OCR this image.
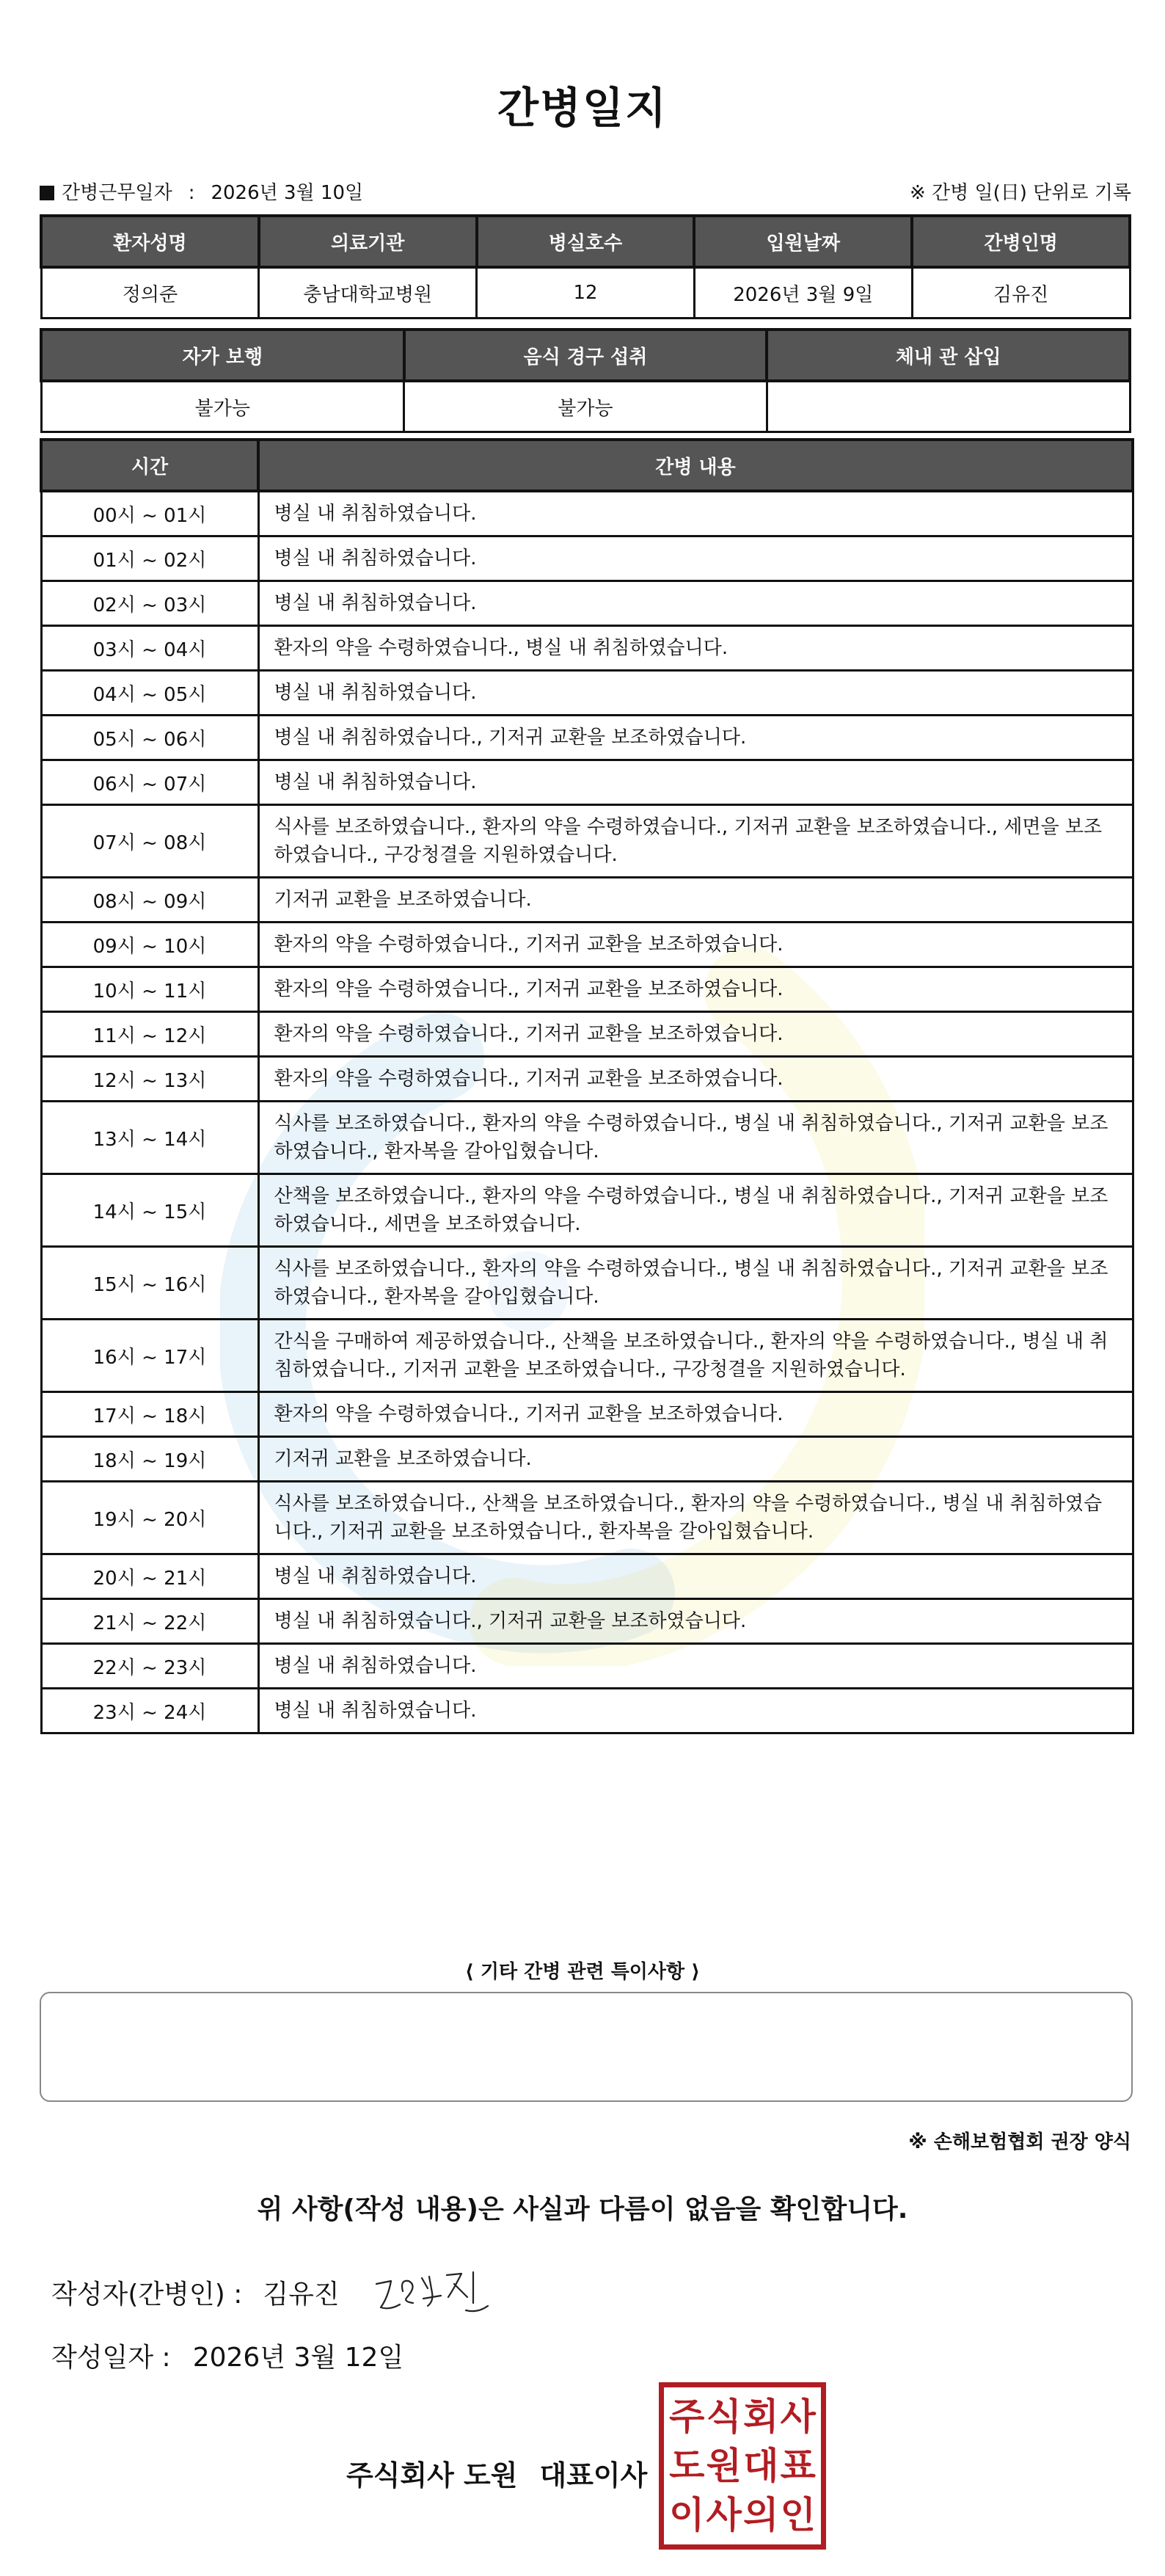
간병일지
간병근무일자 : 2026년 3월 10일	※ 간병 일(日) 단위로 기록
환자성명	의료기관	병실호수	입원날짜	간병인명
정의준	충남대학교병원	12	2026년 3월 9일	김유진
자가 보행	음식 경구 섭취	체내 관 삽입
불가능	불가능	
시간	간병 내용
00시 ~ 01시	병실 내 취침하였습니다.
01시 ~ 02시	병실 내 취침하였습니다.
02시 ~ 03시	병실 내 취침하였습니다.
03시 ~ 04시	환자의 약을 수령하였습니다., 병실 내 취침하였습니다.
04시 ~ 05시	병실 내 취침하였습니다.
05시 ~ 06시	병실 내 취침하였습니다., 기저귀 교환을 보조하였습니다.
06시 ~ 07시	병실 내 취침하였습니다.
07시 ~ 08시	식사를 보조하였습니다., 환자의 약을 수령하였습니다., 기저귀 교환을 보조하였습니다., 세면을 보조하였습니다., 구강청결을 지원하였습니다.
08시 ~ 09시	기저귀 교환을 보조하였습니다.
09시 ~ 10시	환자의 약을 수령하였습니다., 기저귀 교환을 보조하였습니다.
10시 ~ 11시	환자의 약을 수령하였습니다., 기저귀 교환을 보조하였습니다.
11시 ~ 12시	환자의 약을 수령하였습니다., 기저귀 교환을 보조하였습니다.
12시 ~ 13시	환자의 약을 수령하였습니다., 기저귀 교환을 보조하였습니다.
13시 ~ 14시	식사를 보조하였습니다., 환자의 약을 수령하였습니다., 병실 내 취침하였습니다., 기저귀 교환을 보조하였습니다., 환자복을 갈아입혔습니다.
14시 ~ 15시	산책을 보조하였습니다., 환자의 약을 수령하였습니다., 병실 내 취침하였습니다., 기저귀 교환을 보조하였습니다., 세면을 보조하였습니다.
15시 ~ 16시	식사를 보조하였습니다., 환자의 약을 수령하였습니다., 병실 내 취침하였습니다., 기저귀 교환을 보조하였습니다., 환자복을 갈아입혔습니다.
16시 ~ 17시	간식을 구매하여 제공하였습니다., 산책을 보조하였습니다., 환자의 약을 수령하였습니다., 병실 내 취침하였습니다., 기저귀 교환을 보조하였습니다., 구강청결을 지원하였습니다.
17시 ~ 18시	환자의 약을 수령하였습니다., 기저귀 교환을 보조하였습니다.
18시 ~ 19시	기저귀 교환을 보조하였습니다.
19시 ~ 20시	식사를 보조하였습니다., 산책을 보조하였습니다., 환자의 약을 수령하였습니다., 병실 내 취침하였습니다., 기저귀 교환을 보조하였습니다., 환자복을 갈아입혔습니다.
20시 ~ 21시	병실 내 취침하였습니다.
21시 ~ 22시	병실 내 취침하였습니다., 기저귀 교환을 보조하였습니다.
22시 ~ 23시	병실 내 취침하였습니다.
23시 ~ 24시	병실 내 취침하였습니다.
⟨ 기타 간병 관련 특이사항 ⟩
※ 손해보험협회 권장 양식
위 사항(작성 내용)은 사실과 다름이 없음을 확인합니다.
작성자(간병인) : 김유진
작성일자 : 2026년 3월 12일
주식회사 도원 대표이사
주 식 회 사
도 원 대 표
이 사 의 인
